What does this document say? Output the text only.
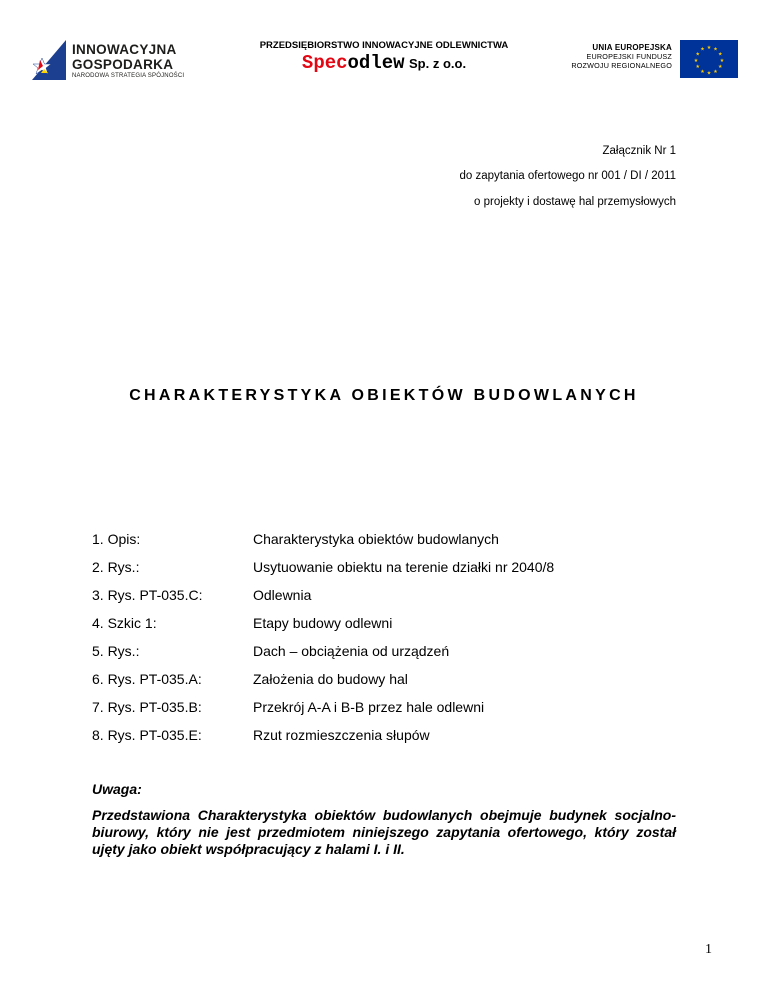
INNOWACYJNA
GOSPODARKA
NARODOWA STRATEGIA SPÓJNOŚCI
PRZEDSIĘBIORSTWO INNOWACYJNE ODLEWNICTWA
Specodlew Sp. z o.o.
UNIA EUROPEJSKA
EUROPEJSKI FUNDUSZ
ROZWOJU REGIONALNEGO
★ ★
★
★
★
★
★
★
★
★
★
★
Załącznik Nr 1
do zapytania ofertowego nr 001 / DI / 2011
o projekty i dostawę hal przemysłowych
CHARAKTERYSTYKA OBIEKTÓW BUDOWLANYCH
1. Opis:	Charakterystyka obiektów budowlanych
2. Rys.:	Usytuowanie obiektu na terenie działki nr 2040/8
3. Rys. PT-035.C:	Odlewnia
4. Szkic 1:	Etapy budowy odlewni
5. Rys.:	Dach – obciążenia od urządzeń
6. Rys. PT-035.A:	Założenia do budowy hal
7. Rys. PT-035.B:	Przekrój A-A i B-B przez hale odlewni
8. Rys. PT-035.E:	Rzut rozmieszczenia słupów
Uwaga:
Przedstawiona Charakterystyka obiektów budowlanych obejmuje budynek socjalno-biurowy, który nie jest przedmiotem niniejszego zapytania ofertowego, który został ujęty jako obiekt współpracujący z halami I. i II.
1
